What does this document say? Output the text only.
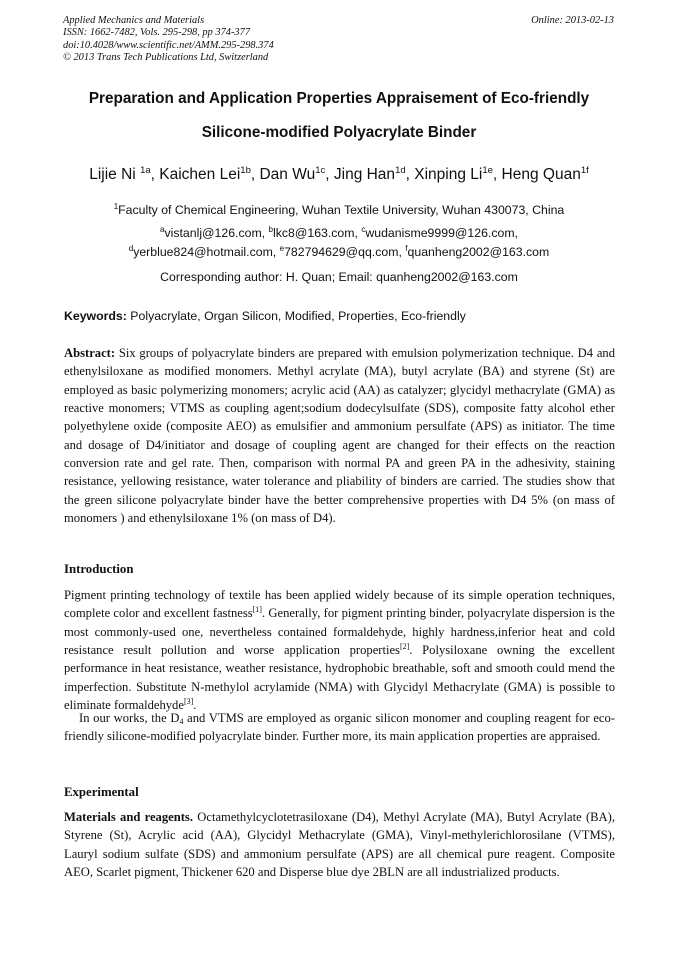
Applied Mechanics and Materials
ISSN: 1662-7482, Vols. 295-298, pp 374-377
doi:10.4028/www.scientific.net/AMM.295-298.374
© 2013 Trans Tech Publications Ltd, Switzerland
Online: 2013-02-13
Preparation and Application Properties Appraisement of Eco-friendly
Silicone-modified Polyacrylate Binder
Lijie Ni $^{1a}$, Kaichen Lei$^{1b}$, Dan $Wu^{1c}$, Jing Han$^{1d}$, Xinping $Li^{1e}$, Heng Quan$^{1f}$
$^1$Faculty of Chemical Engineering, Wuhan Textile University, Wuhan 430073, China
$^a$vistanlj@126.com, $^b$lkc8@163.com, $^c$wudanisme9999@126.com,
$^d$yerblue824@hotmail.com, $^e$782794629@qq.com, $^f$quanheng2002@163.com
Corresponding author: H. Quan; Email: quanheng2002@163.com
Keywords: Polyacrylate, Organ Silicon, Modified, Properties, Eco-friendly
Abstract: Six groups of polyacrylate binders are prepared with emulsion polymerization technique. D4 and ethenylsiloxane as modified monomers. Methyl acrylate (MA), butyl acrylate (BA) and styrene (St) are employed as basic polymerizing monomers; acrylic acid (AA) as catalyzer; glycidyl methacrylate (GMA) as reactive monomers; VTMS as coupling agent;sodium dodecylsulfate (SDS), composite fatty alcohol ether polyethylene oxide (composite AEO) as emulsifier and ammonium persulfate (APS) as initiator. The time and dosage of D4/initiator and dosage of coupling agent are changed for their effects on the reaction conversion rate and gel rate. Then, comparison with normal PA and green PA in the adhesivity, staining resistance, yellowing resistance, water tolerance and pliability of binders are carried. The studies show that the green silicone polyacrylate binder have the better comprehensive properties with D4 5% (on mass of monomers ) and ethenylsiloxane 1% (on mass of D4).
Introduction
Pigment printing technology of textile has been applied widely because of its simple operation techniques, complete color and excellent fastness[1]. Generally, for pigment printing binder, polyacrylate dispersion is the most commonly-used one, nevertheless contained formaldehyde, highly hardness,inferior heat and cold resistance result pollution and worse application properties[2]. Polysiloxane owning the excellent performance in heat resistance, weather resistance, hydrophobic breathable, soft and smooth could mend the imperfection. Substitute N-methylol acrylamide (NMA) with Glycidyl Methacrylate (GMA) is possible to eliminate formaldehyde[3].
In our works, the $D_4$ and VTMS are employed as organic silicon monomer and coupling reagent for eco-friendly silicone-modified polyacrylate binder. Further more, its main application properties are appraised.
Experimental
Materials and reagents. Octamethylcyclotetrasiloxane (D4), Methyl Acrylate (MA), Butyl Acrylate (BA), Styrene (St), Acrylic acid (AA), Glycidyl Methacrylate (GMA), Vinyl-methylerichlorosilane (VTMS), Lauryl sodium sulfate (SDS) and ammonium persulfate (APS) are all chemical pure reagent. Composite AEO, Scarlet pigment, Thickener 620 and Disperse blue dye 2BLN are all industrialized products.
